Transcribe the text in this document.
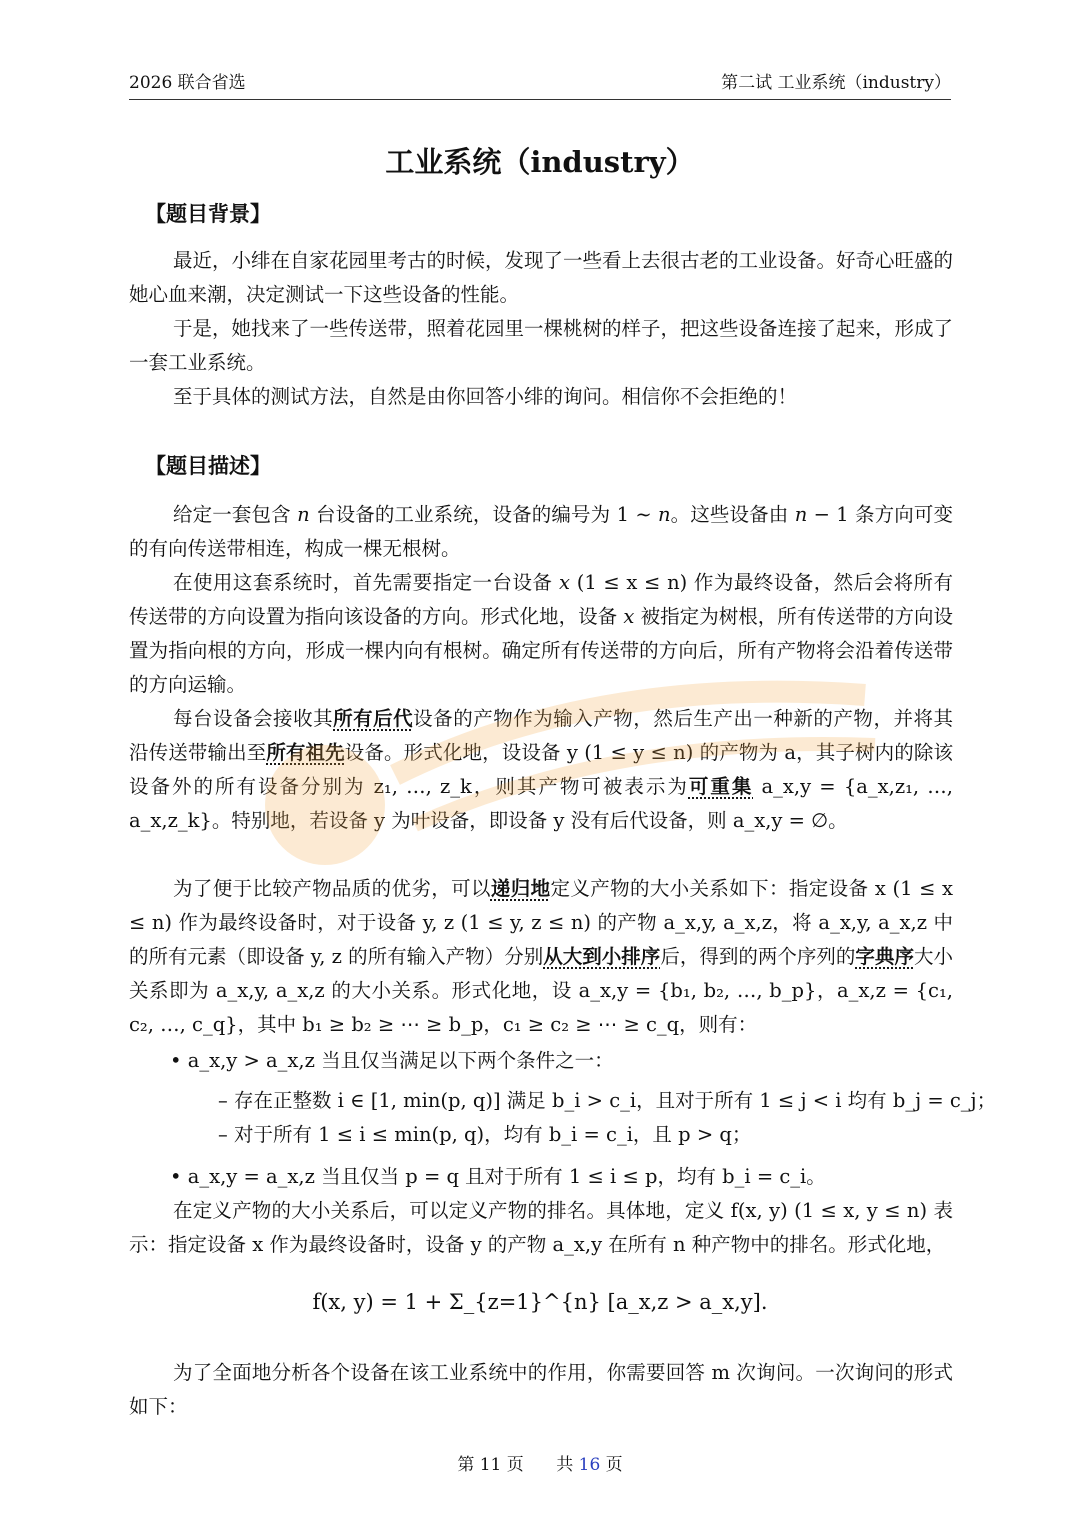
2026 联合省选	第二试 工业系统（industry）
工业系统（industry）
【题目背景】
最近，小绯在自家花园里考古的时候，发现了一些看上去很古老的工业设备。好奇心旺盛的她心血来潮，决定测试一下这些设备的性能。
于是，她找来了一些传送带，照着花园里一棵桃树的样子，把这些设备连接了起来，形成了一套工业系统。
至于具体的测试方法，自然是由你回答小绯的询问。相信你不会拒绝的！
【题目描述】
给定一套包含 n 台设备的工业系统，设备的编号为 1 ∼ n。这些设备由 n − 1 条方向可变的有向传送带相连，构成一棵无根树。
在使用这套系统时，首先需要指定一台设备 x (1 ≤ x ≤ n) 作为最终设备，然后会将所有传送带的方向设置为指向该设备的方向。形式化地，设备 x 被指定为树根，所有传送带的方向设置为指向根的方向，形成一棵内向有根树。确定所有传送带的方向后，所有产物将会沿着传送带的方向运输。
每台设备会接收其所有后代设备的产物作为输入产物，然后生产出一种新的产物，并将其沿传送带输出至所有祖先设备。形式化地，设设备 y (1 ≤ y ≤ n) 的产物为 a，其子树内的除该设备外的所有设备分别为 z₁, …, z_k，则其产物可被表示为可重集 a_x,y = {a_x,z₁, …, a_x,z_k}。特别地，若设备 y 为叶设备，即设备 y 没有后代设备，则 a_x,y = ∅。
为了便于比较产物品质的优劣，可以递归地定义产物的大小关系如下：指定设备 x (1 ≤ x ≤ n) 作为最终设备时，对于设备 y, z (1 ≤ y, z ≤ n) 的产物 a_x,y, a_x,z，将 a_x,y, a_x,z 中的所有元素（即设备 y, z 的所有输入产物）分别从大到小排序后，得到的两个序列的字典序大小关系即为 a_x,y, a_x,z 的大小关系。形式化地，设 a_x,y = {b₁, b₂, …, b_p}，a_x,z = {c₁, c₂, …, c_q}，其中 b₁ ≥ b₂ ≥ ⋯ ≥ b_p，c₁ ≥ c₂ ≥ ⋯ ≥ c_q，则有：
• a_x,y > a_x,z 当且仅当满足以下两个条件之一：
– 存在正整数 i ∈ [1, min(p, q)] 满足 b_i > c_i，且对于所有 1 ≤ j < i 均有 b_j = c_j；
– 对于所有 1 ≤ i ≤ min(p, q)，均有 b_i = c_i，且 p > q；
• a_x,y = a_x,z 当且仅当 p = q 且对于所有 1 ≤ i ≤ p，均有 b_i = c_i。
在定义产物的大小关系后，可以定义产物的排名。具体地，定义 f(x, y) (1 ≤ x, y ≤ n) 表示：指定设备 x 作为最终设备时，设备 y 的产物 a_x,y 在所有 n 种产物中的排名。形式化地，
f(x, y) = 1 + Σ_{z=1}^{n} [a_x,z > a_x,y].
为了全面地分析各个设备在该工业系统中的作用，你需要回答 m 次询问。一次询问的形式如下：
第 11 页 共 16 页
